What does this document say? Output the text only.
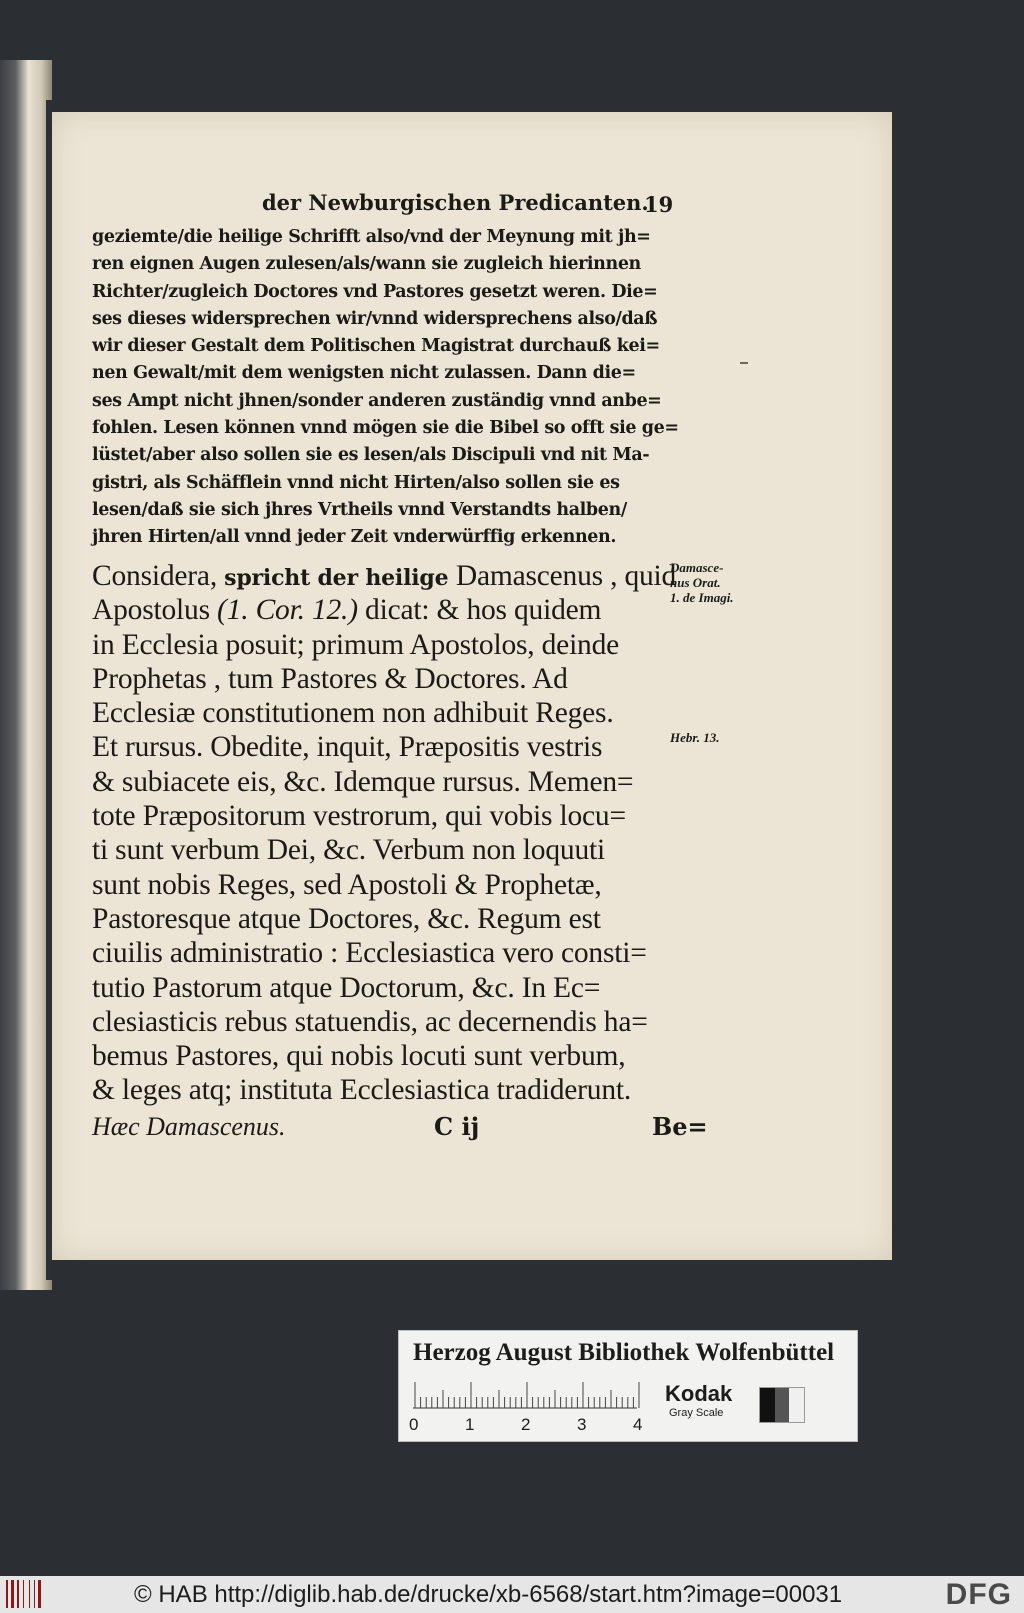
der Newburgischen Predicanten.
19
geziemte/die heilige Schrifft also/vnd der Meynung mit jh=
ren eignen Augen zulesen/als/wann sie zugleich hierinnen
Richter/zugleich Doctores vnd Pastores gesetzt weren. Die=
ses dieses widersprechen wir/vnnd widersprechens also/daß
wir dieser Gestalt dem Politischen Magistrat durchauß kei=
nen Gewalt/mit dem wenigsten nicht zulassen. Dann die=
ses Ampt nicht jhnen/sonder anderen zuständig vnnd anbe=
fohlen. Lesen können vnnd mögen sie die Bibel so offt sie ge=
lüstet/aber also sollen sie es lesen/als Discipuli vnd nit Ma-
gistri, als Schäfflein vnnd nicht Hirten/also sollen sie es
lesen/daß sie sich jhres Vrtheils vnnd Verstandts halben/
jhren Hirten/all vnnd jeder Zeit vnderwürffig erkennen.
Considera, spricht der heilige Damascenus , quid
Apostolus (1. Cor. 12.) dicat: & hos quidem
in Ecclesia posuit; primum Apostolos, deinde
Prophetas , tum Pastores & Doctores. Ad
Ecclesiæ constitutionem non adhibuit Reges.
Et rursus. Obedite, inquit, Præpositis vestris
& subiacete eis, &c. Idemque rursus. Memen=
tote Præpositorum vestrorum, qui vobis locu=
ti sunt verbum Dei, &c. Verbum non loquuti
sunt nobis Reges, sed Apostoli & Prophetæ,
Pastoresque atque Doctores, &c. Regum est
ciuilis administratio : Ecclesiastica vero consti=
tutio Pastorum atque Doctorum, &c. In Ec=
clesiasticis rebus statuendis, ac decernendis ha=
bemus Pastores, qui nobis locuti sunt verbum,
& leges atq; instituta Ecclesiastica tradiderunt.
Damasce-
nus Orat.
1. de Imagi.
Hebr. 13.
Hæc Damascenus.	C ij	Be=
Herzog August Bibliothek Wolfenbüttel
0	1	2	3	4
Kodak
Gray Scale
© HAB http://diglib.hab.de/drucke/xb-6568/start.htm?image=00031	DFG
